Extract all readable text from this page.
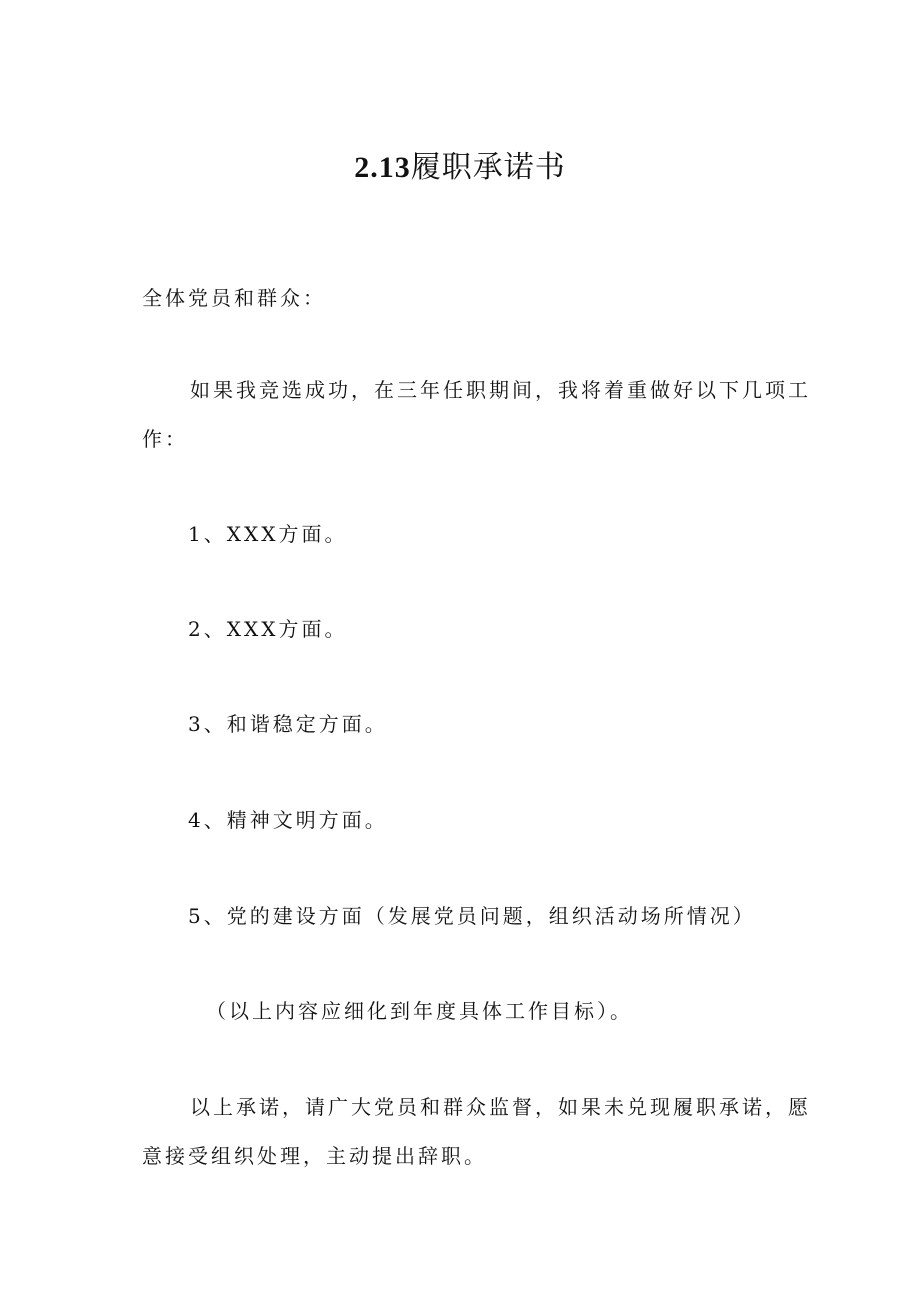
2.13履职承诺书
全体党员和群众：
如果我竞选成功，在三年任职期间，我将着重做好以下几项工
作：
1、XXX方面。
2、XXX方面。
3、和谐稳定方面。
4、精神文明方面。
5、党的建设方面（发展党员问题，组织活动场所情况）
（以上内容应细化到年度具体工作目标）。
以上承诺，请广大党员和群众监督，如果未兑现履职承诺，愿
意接受组织处理，主动提出辞职。
